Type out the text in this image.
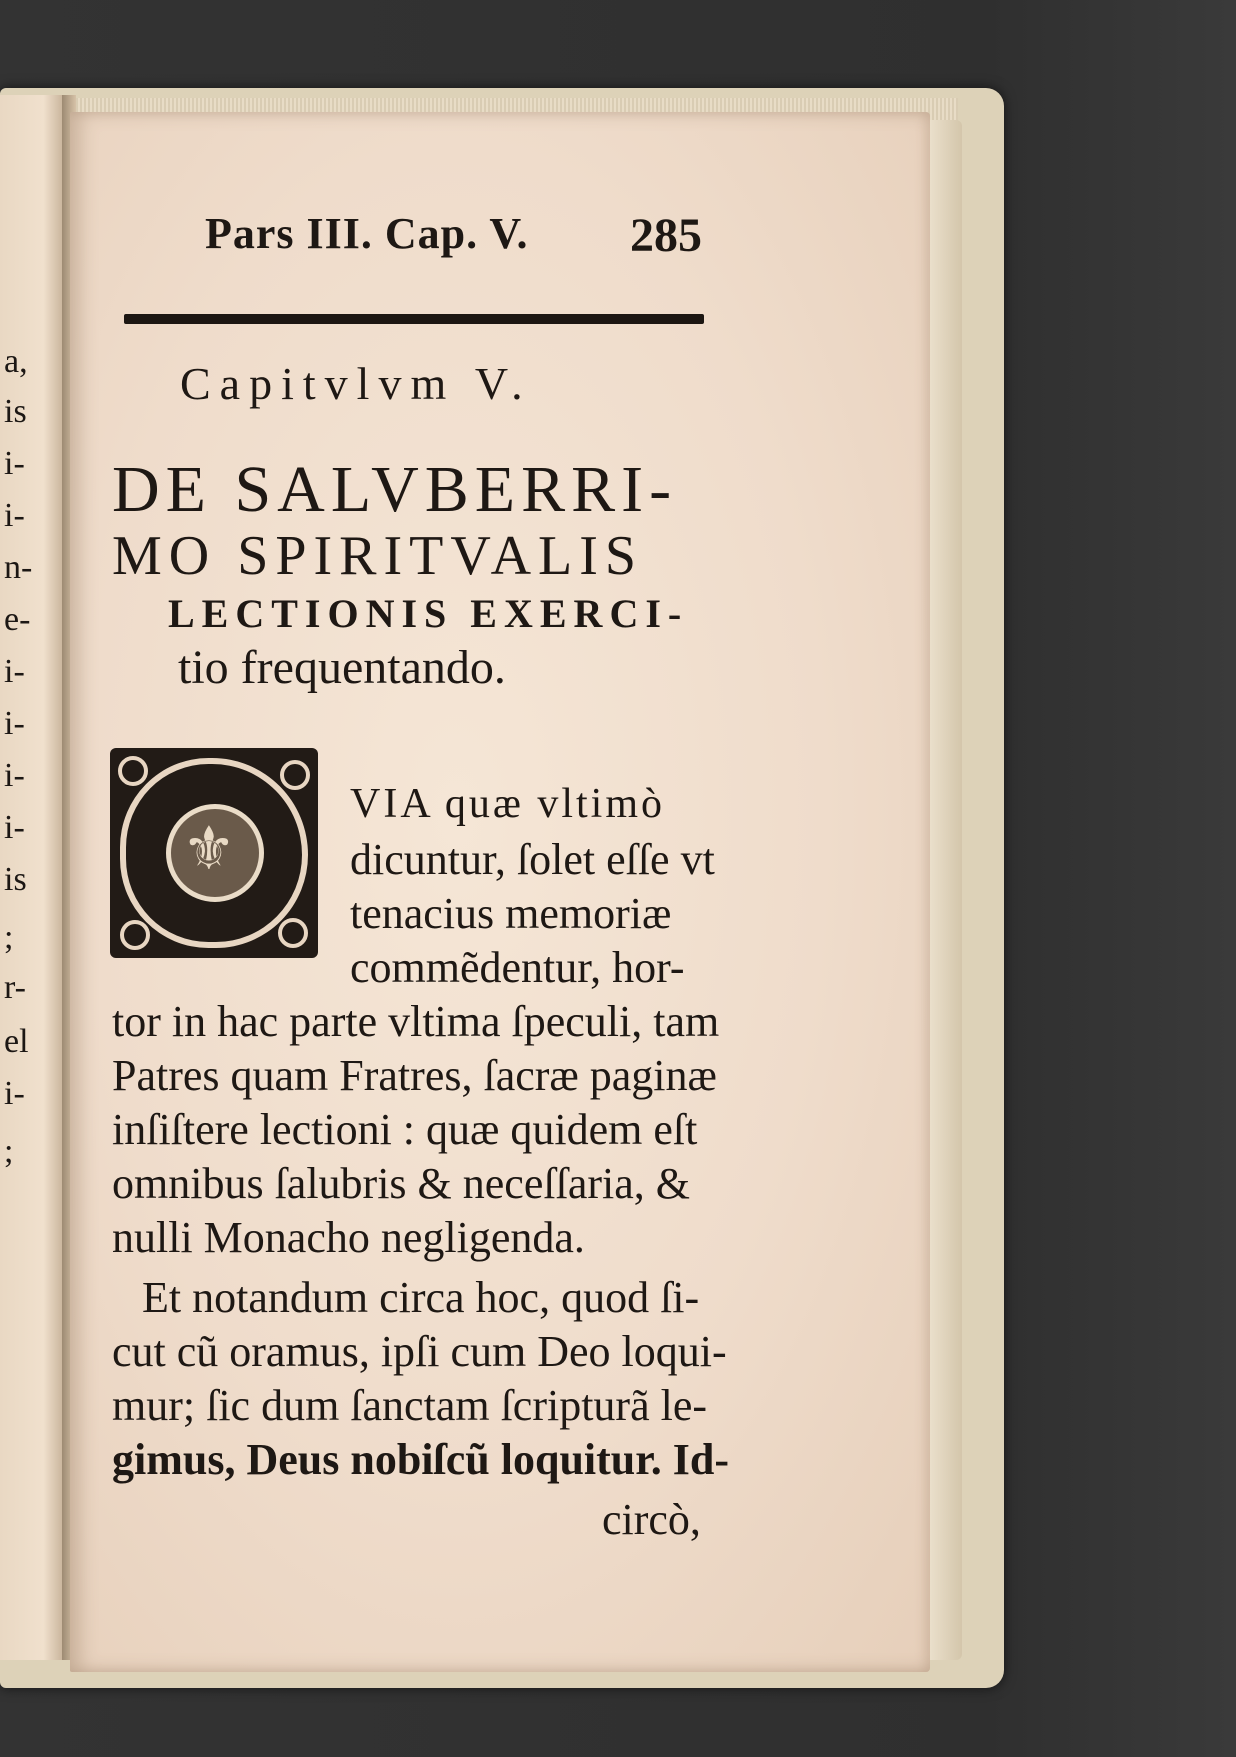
a,
is
i-
i-
n-
e-
i-
i-
i-
i-
is
;
r-
el
i-
;
Pars III. Cap. V. 285
Capitvlvm V.
DE SALVBERRI-
MO SPIRITVALIS
LECTIONIS EXERCI-
tio frequentando.
⚜
VIA quæ vltimò
dicuntur, ſolet eſſe vt
tenacius memoriæ
commẽdentur, hor-
tor in hac parte vltima ſpeculi, tam
Patres quam Fratres, ſacræ paginæ
inſiſtere lectioni : quæ quidem eſt
omnibus ſalubris & neceſſaria, &
nulli Monacho negligenda.
Et notandum circa hoc, quod ſi-
cut cũ oramus, ipſi cum Deo loqui-
mur; ſic dum ſanctam ſcripturã le-
gimus, Deus nobiſcũ loquitur. Id-
circò,
